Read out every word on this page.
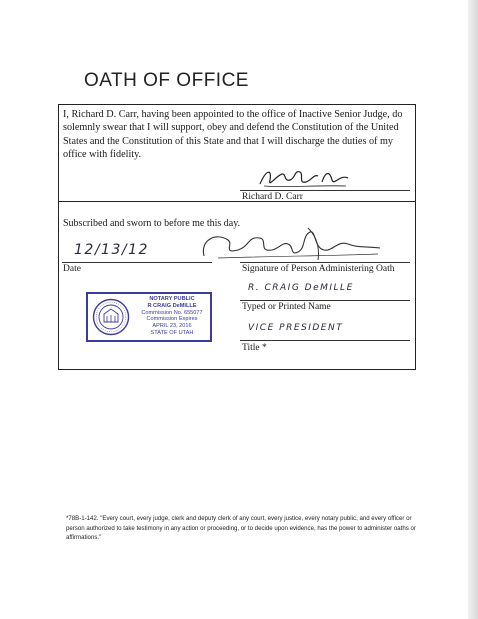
OATH OF OFFICE
I, Richard D. Carr, having been appointed to the office of Inactive Senior Judge, do solemnly swear that I will support, obey and defend the Constitution of the United States and the Constitution of this State and that I will discharge the duties of my office with fidelity.
Richard D. Carr
Subscribed and sworn to before me this day.
12/13/12
Date	Signature of Person Administering Oath
R. CRAIG DeMILLE
Typed or Printed Name
VICE PRESIDENT
Title *
NOTARY PUBLIC
R CRAIG DeMILLE
Commission No. 655077
Commission Expires
APRIL 23, 2016
STATE OF UTAH
*78B-1-142. "Every court, every judge, clerk and deputy clerk of any court, every justice, every notary public, and every officer or person authorized to take testimony in any action or proceeding, or to decide upon evidence, has the power to administer oaths or affirmations."
